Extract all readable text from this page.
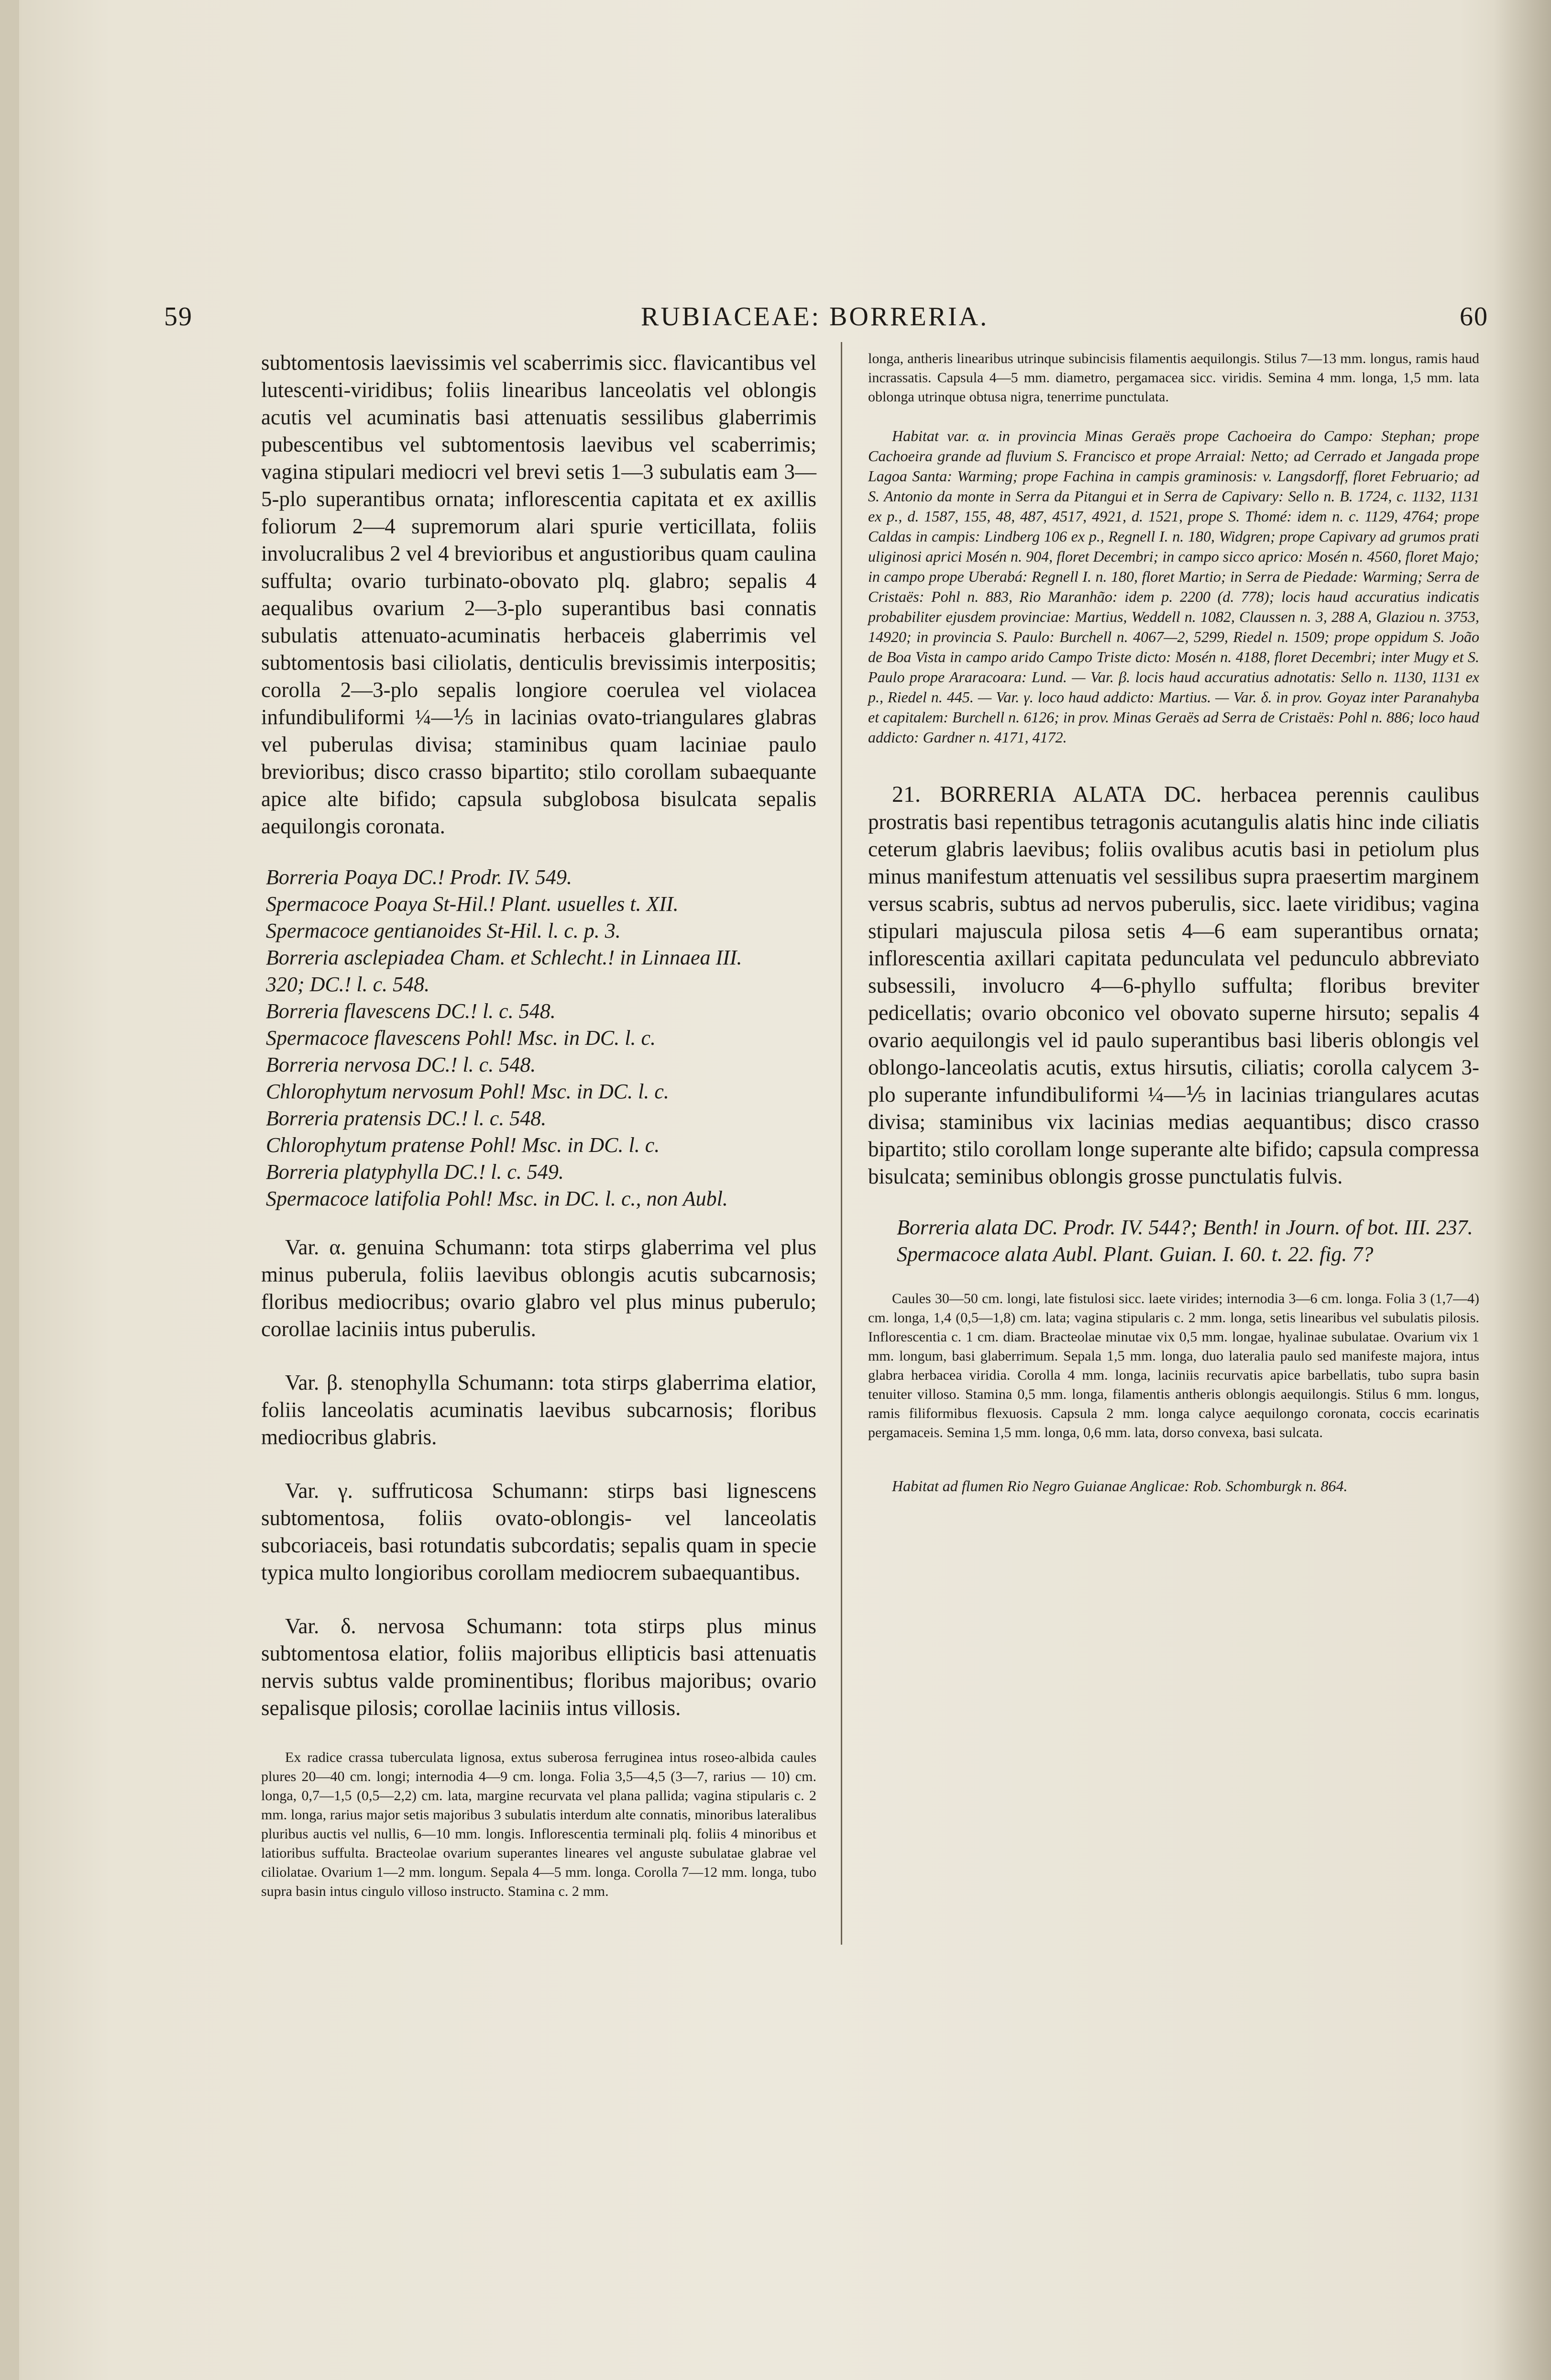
59	RUBIACEAE: BORRERIA.	60

subtomentosis laevissimis vel scaberrimis sicc. flavicantibus vel lutescenti-viridibus; foliis linearibus lanceolatis vel oblongis acutis vel acuminatis basi attenuatis sessilibus glaberrimis pubescentibus vel subtomentosis laevibus vel scaberrimis; vagina stipulari mediocri vel brevi setis 1—3 subulatis eam 3—5-plo superantibus ornata; inflorescentia capitata et ex axillis foliorum 2—4 supremorum alari spurie verticillata, foliis involucralibus 2 vel 4 brevioribus et angustioribus quam caulina suffulta; ovario turbinato-obovato plq. glabro; sepalis 4 aequalibus ovarium 2—3-plo superantibus basi connatis subulatis attenuato-acuminatis herbaceis glaberrimis vel subtomentosis basi ciliolatis, denticulis brevissimis interpositis; corolla 2—3-plo sepalis longiore coerulea vel violacea infundibuliformi ¼—⅕ in lacinias ovato-triangulares glabras vel puberulas divisa; staminibus quam laciniae paulo brevioribus; disco crasso bipartito; stilo corollam subaequante apice alte bifido; capsula subglobosa bisulcata sepalis aequilongis coronata.

Borreria Poaya DC.! Prodr. IV. 549.

Spermacoce Poaya St-Hil.! Plant. usuelles t. XII.

Spermacoce gentianoides St-Hil. l. c. p. 3.

Borreria asclepiadea Cham. et Schlecht.! in Linnaea III.

320; DC.! l. c. 548.

Borreria flavescens DC.! l. c. 548.

Spermacoce flavescens Pohl! Msc. in DC. l. c.

Borreria nervosa DC.! l. c. 548.

Chlorophytum nervosum Pohl! Msc. in DC. l. c.

Borreria pratensis DC.! l. c. 548.

Chlorophytum pratense Pohl! Msc. in DC. l. c.

Borreria platyphylla DC.! l. c. 549.

Spermacoce latifolia Pohl! Msc. in DC. l. c., non Aubl.

Var. α. genuina Schumann: tota stirps glaberrima vel plus minus puberula, foliis laevibus oblongis acutis subcarnosis; floribus mediocribus; ovario glabro vel plus minus puberulo; corollae laciniis intus puberulis.

Var. β. stenophylla Schumann: tota stirps glaberrima elatior, foliis lanceolatis acuminatis laevibus subcarnosis; floribus mediocribus glabris.

Var. γ. suffruticosa Schumann: stirps basi lignescens subtomentosa, foliis ovato-oblongis- vel lanceolatis subcoriaceis, basi rotundatis subcordatis; sepalis quam in specie typica multo longioribus corollam mediocrem subaequantibus.

Var. δ. nervosa Schumann: tota stirps plus minus subtomentosa elatior, foliis majoribus ellipticis basi attenuatis nervis subtus valde prominentibus; floribus majoribus; ovario sepalisque pilosis; corollae laciniis intus villosis.

Ex radice crassa tuberculata lignosa, extus suberosa ferruginea intus roseo-albida caules plures 20—40 cm. longi; internodia 4—9 cm. longa. Folia 3,5—4,5 (3—7, rarius — 10) cm. longa, 0,7—1,5 (0,5—2,2) cm. lata, margine recurvata vel plana pallida; vagina stipularis c. 2 mm. longa, rarius major setis majoribus 3 subulatis interdum alte connatis, minoribus lateralibus pluribus auctis vel nullis, 6—10 mm. longis. Inflorescentia terminali plq. foliis 4 minoribus et latioribus suffulta. Bracteolae ovarium superantes lineares vel anguste subulatae glabrae vel ciliolatae. Ovarium 1—2 mm. longum. Sepala 4—5 mm. longa. Corolla 7—12 mm. longa, tubo supra basin intus cingulo villoso instructo. Stamina c. 2 mm.

longa, antheris linearibus utrinque subincisis filamentis aequilongis. Stilus 7—13 mm. longus, ramis haud incrassatis. Capsula 4—5 mm. diametro, pergamacea sicc. viridis. Semina 4 mm. longa, 1,5 mm. lata oblonga utrinque obtusa nigra, tenerrime punctulata.

Habitat var. α. in provincia Minas Geraës prope Cachoeira do Campo: Stephan; prope Cachoeira grande ad fluvium S. Francisco et prope Arraial: Netto; ad Cerrado et Jangada prope Lagoa Santa: Warming; prope Fachina in campis graminosis: v. Langsdorff, floret Februario; ad S. Antonio da monte in Serra da Pitangui et in Serra de Capivary: Sello n. B. 1724, c. 1132, 1131 ex p., d. 1587, 155, 48, 487, 4517, 4921, d. 1521, prope S. Thomé: idem n. c. 1129, 4764; prope Caldas in campis: Lindberg 106 ex p., Regnell I. n. 180, Widgren; prope Capivary ad grumos prati uliginosi aprici Mosén n. 904, floret Decembri; in campo sicco aprico: Mosén n. 4560, floret Majo; in campo prope Uberabá: Regnell I. n. 180, floret Martio; in Serra de Piedade: Warming; Serra de Cristaës: Pohl n. 883, Rio Maranhão: idem p. 2200 (d. 778); locis haud accuratius indicatis probabiliter ejusdem provinciae: Martius, Weddell n. 1082, Claussen n. 3, 288 A, Glaziou n. 3753, 14920; in provincia S. Paulo: Burchell n. 4067—2, 5299, Riedel n. 1509; prope oppidum S. João de Boa Vista in campo arido Campo Triste dicto: Mosén n. 4188, floret Decembri; inter Mugy et S. Paulo prope Araracoara: Lund. — Var. β. locis haud accuratius adnotatis: Sello n. 1130, 1131 ex p., Riedel n. 445. — Var. γ. loco haud addicto: Martius. — Var. δ. in prov. Goyaz inter Paranahyba et capitalem: Burchell n. 6126; in prov. Minas Geraës ad Serra de Cristaës: Pohl n. 886; loco haud addicto: Gardner n. 4171, 4172.

21. BORRERIA ALATA DC. herbacea perennis caulibus prostratis basi repentibus tetragonis acutangulis alatis hinc inde ciliatis ceterum glabris laevibus; foliis ovalibus acutis basi in petiolum plus minus manifestum attenuatis vel sessilibus supra praesertim marginem versus scabris, subtus ad nervos puberulis, sicc. laete viridibus; vagina stipulari majuscula pilosa setis 4—6 eam superantibus ornata; inflorescentia axillari capitata pedunculata vel pedunculo abbreviato subsessili, involucro 4—6-phyllo suffulta; floribus breviter pedicellatis; ovario obconico vel obovato superne hirsuto; sepalis 4 ovario aequilongis vel id paulo superantibus basi liberis oblongis vel oblongo-lanceolatis acutis, extus hirsutis, ciliatis; corolla calycem 3-plo superante infundibuliformi ¼—⅕ in lacinias triangulares acutas divisa; staminibus vix lacinias medias aequantibus; disco crasso bipartito; stilo corollam longe superante alte bifido; capsula compressa bisulcata; seminibus oblongis grosse punctulatis fulvis.

Borreria alata DC. Prodr. IV. 544?; Benth! in Journ. of bot. III. 237.

Spermacoce alata Aubl. Plant. Guian. I. 60. t. 22. fig. 7?

Caules 30—50 cm. longi, late fistulosi sicc. laete virides; internodia 3—6 cm. longa. Folia 3 (1,7—4) cm. longa, 1,4 (0,5—1,8) cm. lata; vagina stipularis c. 2 mm. longa, setis linearibus vel subulatis pilosis. Inflorescentia c. 1 cm. diam. Bracteolae minutae vix 0,5 mm. longae, hyalinae subulatae. Ovarium vix 1 mm. longum, basi glaberrimum. Sepala 1,5 mm. longa, duo lateralia paulo sed manifeste majora, intus glabra herbacea viridia. Corolla 4 mm. longa, laciniis recurvatis apice barbellatis, tubo supra basin tenuiter villoso. Stamina 0,5 mm. longa, filamentis antheris oblongis aequilongis. Stilus 6 mm. longus, ramis filiformibus flexuosis. Capsula 2 mm. longa calyce aequilongo coronata, coccis ecarinatis pergamaceis. Semina 1,5 mm. longa, 0,6 mm. lata, dorso convexa, basi sulcata.

Habitat ad flumen Rio Negro Guianae Anglicae: Rob. Schomburgk n. 864.
